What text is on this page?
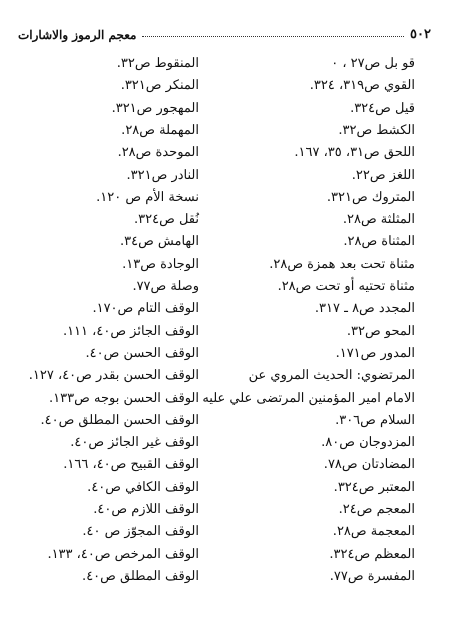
٥٠٢
معجم الرموز والاشارات
قو بل ص٢٧ ، ٠
القوي ص٣١٩، ٣٢٤.
قيل ص٣٢٤.
الكشط ص٣٢.
اللحق ص٣١، ٣٥، ١٦٧.
اللغز ص٢٢.
المتروك ص٣٢١.
المثلثة ص٢٨.
المثناة ص٢٨.
مثناة تحت بعد همزة ص٢٨.
مثناة تحتيه أو تحت ص٢٨.
المجدد ص٨ ـ ٣١٧.
المحو ص٣٢.
المدور ص١٧١.
المرتضوي: الحديث المروي عن
الامام امير المؤمنين المرتضى علي عليه
السلام ص٣٠٦.
المزدوجان ص٨٠.
المضادتان ص٧٨.
المعتبر ص٣٢٤.
المعجم ص٢٤.
المعجمة ص٢٨.
المعظم ص٣٢٤.
المفسرة ص٧٧.
المنقوط ص٣٢.
المنكر ص٣٢١.
المهجور ص٣٢١.
المهملة ص٢٨.
الموحدة ص٢٨.
النادر ص٣٢١.
نسخة الأم ص ١٢٠.
نُقل ص٣٢٤.
الهامش ص٣٤.
الوجادة ص١٣.
وصلة ص٧٧.
الوقف التام ص١٧٠.
الوقف الجائز ص٤٠، ١١١.
الوقف الحسن ص٤٠.
الوقف الحسن بقدر ص٤٠، ١٢٧.
الوقف الحسن بوجه ص١٣٣.
الوقف الحسن المطلق ص٤٠.
الوقف غير الجائز ص٤٠.
الوقف القبيح ص٤٠، ١٦٦.
الوقف الكافي ص٤٠.
الوقف اللازم ص٤٠.
الوقف المجوّز ص ٤٠.
الوقف المرخص ص٤٠، ١٣٣.
الوقف المطلق ص٤٠.
